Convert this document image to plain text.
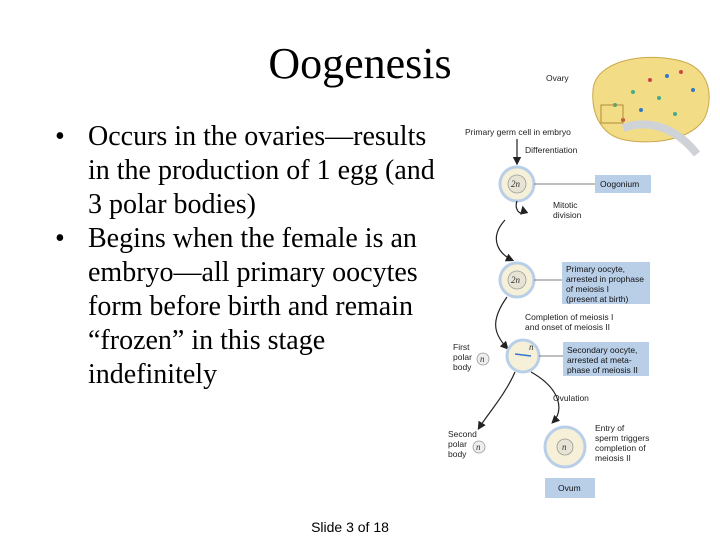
Oogenesis
• Occurs in the ovaries—results in the production of 1 egg (and 3 polar bodies)
• Begins when the female is an embryo—all primary oocytes form before birth and remain “frozen” in this stage indefinitely
Ovary
Primary germ cell in embryo
Differentiation
2n	Oogonium
Mitotic division
2n
Primary oocyte, arrested in prophase of meiosis I (present at birth)
Completion of meiosis I and onset of meiosis II
n
First polar body
n	Secondary oocyte, arrested at meta-phase of meiosis II
Ovulation
n
Second polar body
n
Entry of sperm triggers completion of meiosis II
Ovum
Slide 3 of 18
